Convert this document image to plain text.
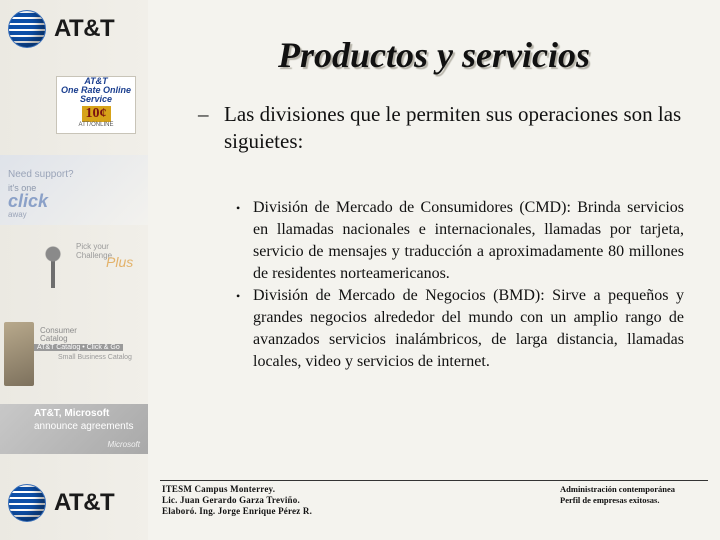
AT&T
AT&T
One Rate Online
Service
10¢
ATT/ONLINE
Need support?
it's one
click
away
Pick your
Challenge
Plus
Consumer
Catalog
AT&T Catalog • Click & Go
Small Business Catalog
AT&T, Microsoft
announce agreements
Microsoft
AT&T
Productos y servicios
– Las divisiones que le permiten sus operaciones son las siguietes:
• División de Mercado de Consumidores (CMD): Brinda servicios en llamadas nacionales e internacionales, llamadas por tarjeta, servicio de mensajes y traducción a aproximadamente 80 millones de residentes norteamericanos.
• División de Mercado de Negocios (BMD): Sirve a pequeños y grandes negocios alrededor del mundo con un amplio rango de avanzados servicios inalámbricos, de larga distancia, llamadas locales, video y servicios de internet.
ITESM Campus Monterrey.
Lic. Juan Gerardo Garza Treviño.
Elaboró. Ing. Jorge Enrique Pérez R.
Administración contemporánea
Perfil de empresas exitosas.
